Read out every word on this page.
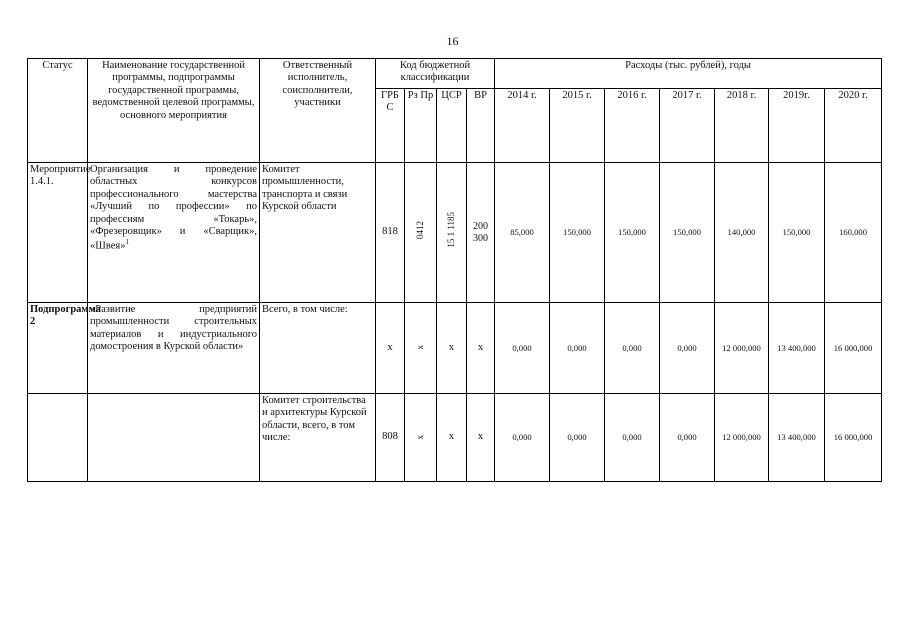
16
Статус	Наименование государственной программы, подпрограммы государственной программы, ведомственной целевой программы, основного мероприятия	Ответственный исполнитель, соисполнители, участники	Код бюджетной классификации				Расходы (тыс. рублей), годы						
			ГРБ С	Рз Пр	ЦСР	ВР	2014 г.	2015 г.	2016 г.	2017 г.	2018 г.	2019г.	2020 г.
Мероприятие 1.4.1.	Организация и проведение областных конкурсов профессионального мастерства «Лучший по профессии» по профессиям «Токарь», «Фрезеровщик» и «Сварщик», «Швея»$^1$	Комитет промышленности, транспорта и связи Курской области	818	0412	15 1 1185	200 300	85,000	150,000	150,000	150,000	140,000	150,000	160,000
Подпрограмма 2	«Развитие предприятий промышленности строительных материалов и индустриального домостроения в Курской области»	Всего, в том числе:	х	х	х	х	0,000	0,000	0,000	0,000	12 000,000	13 400,000	16 000,000
		Комитет строительства и архитектуры Курской области, всего, в том числе:	808	х	х	х	0,000	0,000	0,000	0,000	12 000,000	13 400,000	16 000,000
